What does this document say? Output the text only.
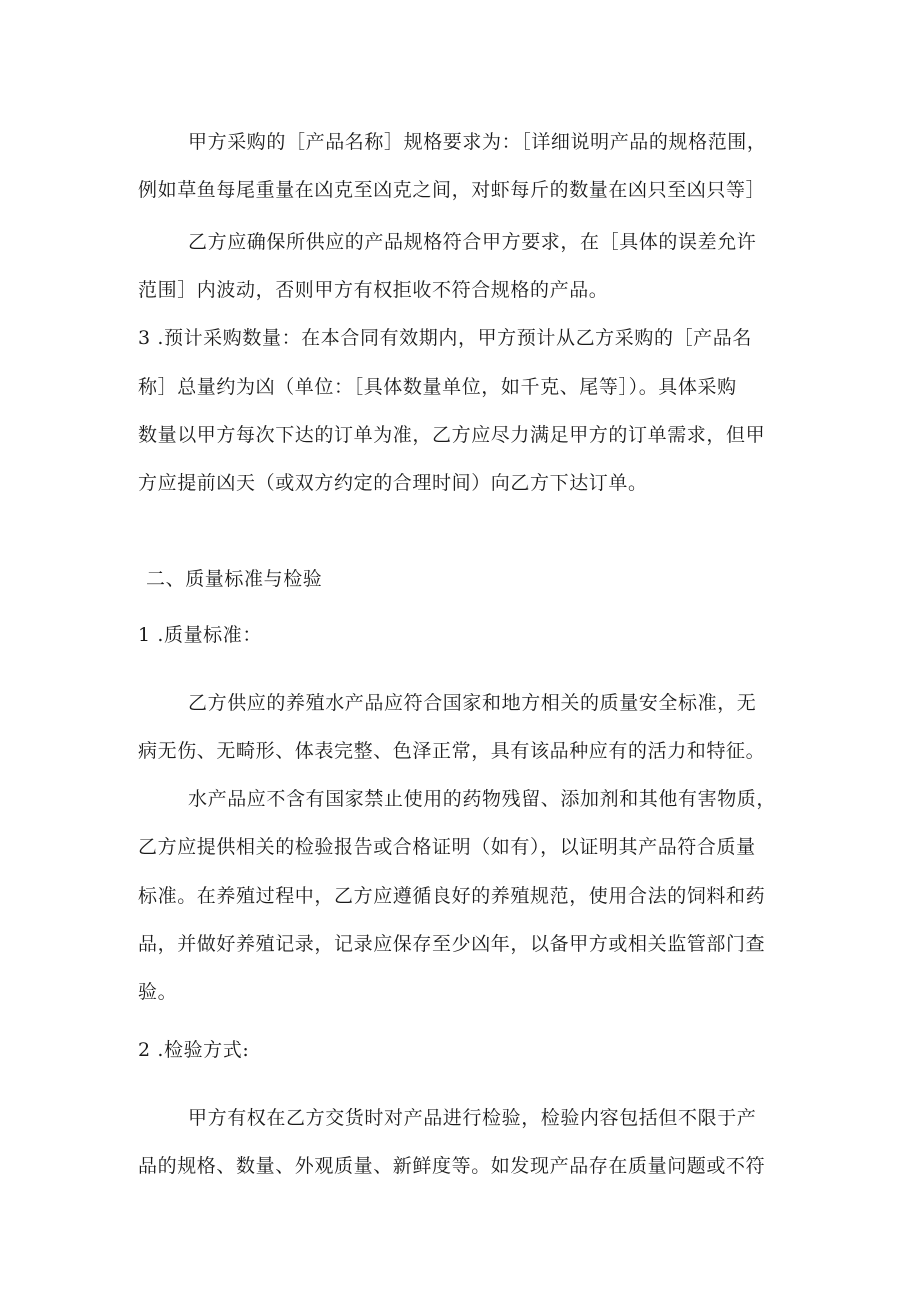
甲方采购的［产品名称］规格要求为：［详细说明产品的规格范围，
例如草鱼每尾重量在凶克至凶克之间，对虾每斤的数量在凶只至凶只等］
乙方应确保所供应的产品规格符合甲方要求，在［具体的误差允许
范围］内波动，否则甲方有权拒收不符合规格的产品。
3 .预计采购数量：在本合同有效期内，甲方预计从乙方采购的［产品名
称］总量约为凶（单位：［具体数量单位，如千克、尾等］）。具体采购
数量以甲方每次下达的订单为准，乙方应尽力满足甲方的订单需求，但甲
方应提前凶天（或双方约定的合理时间）向乙方下达订单。
二、质量标准与检验
1 .质量标准：
乙方供应的养殖水产品应符合国家和地方相关的质量安全标准，无
病无伤、无畸形、体表完整、色泽正常，具有该品种应有的活力和特征。
水产品应不含有国家禁止使用的药物残留、添加剂和其他有害物质，
乙方应提供相关的检验报告或合格证明（如有），以证明其产品符合质量
标准。在养殖过程中，乙方应遵循良好的养殖规范，使用合法的饲料和药
品，并做好养殖记录，记录应保存至少凶年，以备甲方或相关监管部门查
验。
2 .检验方式:
甲方有权在乙方交货时对产品进行检验，检验内容包括但不限于产
品的规格、数量、外观质量、新鲜度等。如发现产品存在质量问题或不符
